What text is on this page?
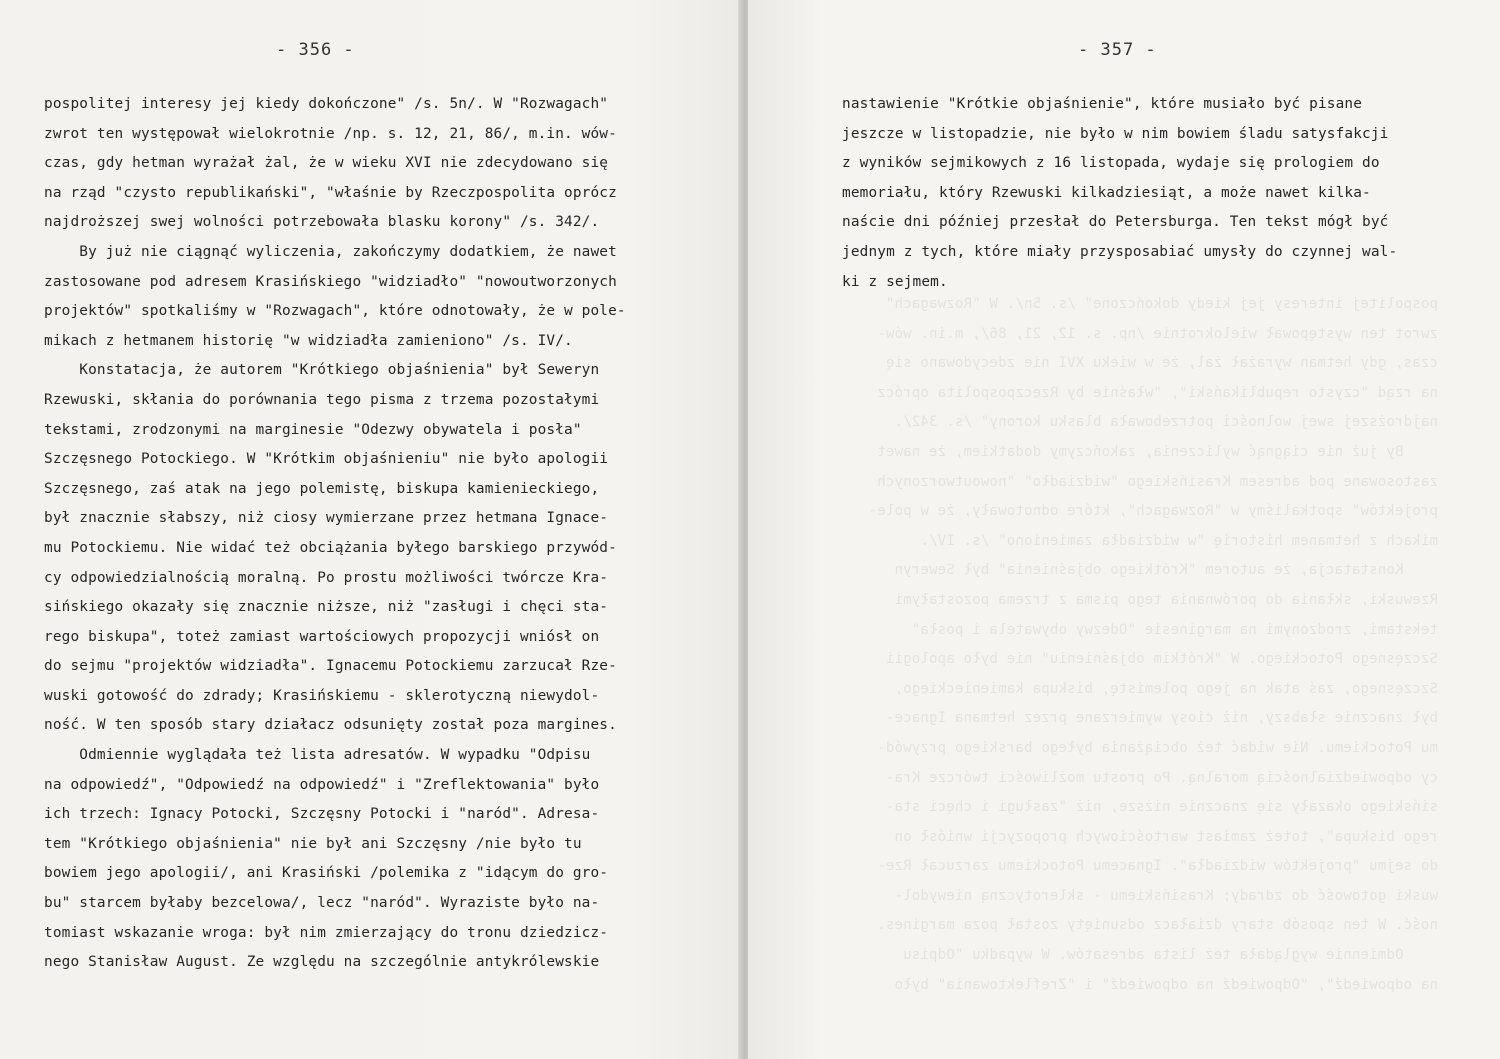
- 356 -
pospolitej interesy jej kiedy dokończone" /s. 5n/. W "Rozwagach"
zwrot ten występował wielokrotnie /np. s. 12, 21, 86/, m.in. wów-
czas, gdy hetman wyrażał żal, że w wieku XVI nie zdecydowano się
na rząd "czysto republikański", "właśnie by Rzeczpospolita oprócz
najdroższej swej wolności potrzebowała blasku korony" /s. 342/.
By już nie ciągnąć wyliczenia, zakończymy dodatkiem, że nawet
zastosowane pod adresem Krasińskiego "widziadło" "nowoutworzonych
projektów" spotkaliśmy w "Rozwagach", które odnotowały, że w pole-
mikach z hetmanem historię "w widziadła zamieniono" /s. IV/.
Konstatacja, że autorem "Krótkiego objaśnienia" był Seweryn
Rzewuski, skłania do porównania tego pisma z trzema pozostałymi
tekstami, zrodzonymi na marginesie "Odezwy obywatela i posła"
Szczęsnego Potockiego. W "Krótkim objaśnieniu" nie było apologii
Szczęsnego, zaś atak na jego polemistę, biskupa kamienieckiego,
był znacznie słabszy, niż ciosy wymierzane przez hetmana Ignace-
mu Potockiemu. Nie widać też obciążania byłego barskiego przywód-
cy odpowiedzialnością moralną. Po prostu możliwości twórcze Kra-
sińskiego okazały się znacznie niższe, niż "zasługi i chęci sta-
rego biskupa", toteż zamiast wartościowych propozycji wniósł on
do sejmu "projektów widziadła". Ignacemu Potockiemu zarzucał Rze-
wuski gotowość do zdrady; Krasińskiemu - sklerotyczną niewydol-
ność. W ten sposób stary działacz odsunięty został poza margines.
Odmiennie wyglądała też lista adresatów. W wypadku "Odpisu
na odpowiedź", "Odpowiedź na odpowiedź" i "Zreflektowania" było
ich trzech: Ignacy Potocki, Szczęsny Potocki i "naród". Adresa-
tem "Krótkiego objaśnienia" nie był ani Szczęsny /nie było tu
bowiem jego apologii/, ani Krasiński /polemika z "idącym do gro-
bu" starcem byłaby bezcelowa/, lecz "naród". Wyraziste było na-
tomiast wskazanie wroga: był nim zmierzający do tronu dziedzicz-
nego Stanisław August. Ze względu na szczególnie antykrólewskie
- 357 -
nastawienie "Krótkie objaśnienie", które musiało być pisane
jeszcze w listopadzie, nie było w nim bowiem śladu satysfakcji
z wyników sejmikowych z 16 listopada, wydaje się prologiem do
memoriału, który Rzewuski kilkadziesiąt, a może nawet kilka-
naście dni później przesłał do Petersburga. Ten tekst mógł być
jednym z tych, które miały przysposabiać umysły do czynnej wal-
ki z sejmem.
pospolitej interesy jej kiedy dokończone" /s. 5n/. W "Rozwagach"
zwrot ten występował wielokrotnie /np. s. 12, 21, 86/, m.in. wów-
czas, gdy hetman wyrażał żal, że w wieku XVI nie zdecydowano się
na rząd "czysto republikański", "właśnie by Rzeczpospolita oprócz
najdroższej swej wolności potrzebowała blasku korony" /s. 342/.
By już nie ciągnąć wyliczenia, zakończymy dodatkiem, że nawet
zastosowane pod adresem Krasińskiego "widziadło" "nowoutworzonych
projektów" spotkaliśmy w "Rozwagach", które odnotowały, że w pole-
mikach z hetmanem historię "w widziadła zamieniono" /s. IV/.
Konstatacja, że autorem "Krótkiego objaśnienia" był Seweryn
Rzewuski, skłania do porównania tego pisma z trzema pozostałymi
tekstami, zrodzonymi na marginesie "Odezwy obywatela i posła"
Szczęsnego Potockiego. W "Krótkim objaśnieniu" nie było apologii
Szczęsnego, zaś atak na jego polemistę, biskupa kamienieckiego,
był znacznie słabszy, niż ciosy wymierzane przez hetmana Ignace-
mu Potockiemu. Nie widać też obciążania byłego barskiego przywód-
cy odpowiedzialnością moralną. Po prostu możliwości twórcze Kra-
sińskiego okazały się znacznie niższe, niż "zasługi i chęci sta-
rego biskupa", toteż zamiast wartościowych propozycji wniósł on
do sejmu "projektów widziadła". Ignacemu Potockiemu zarzucał Rze-
wuski gotowość do zdrady; Krasińskiemu - sklerotyczną niewydol-
ność. W ten sposób stary działacz odsunięty został poza margines.
Odmiennie wyglądała też lista adresatów. W wypadku "Odpisu
na odpowiedź", "Odpowiedź na odpowiedź" i "Zreflektowania" było
